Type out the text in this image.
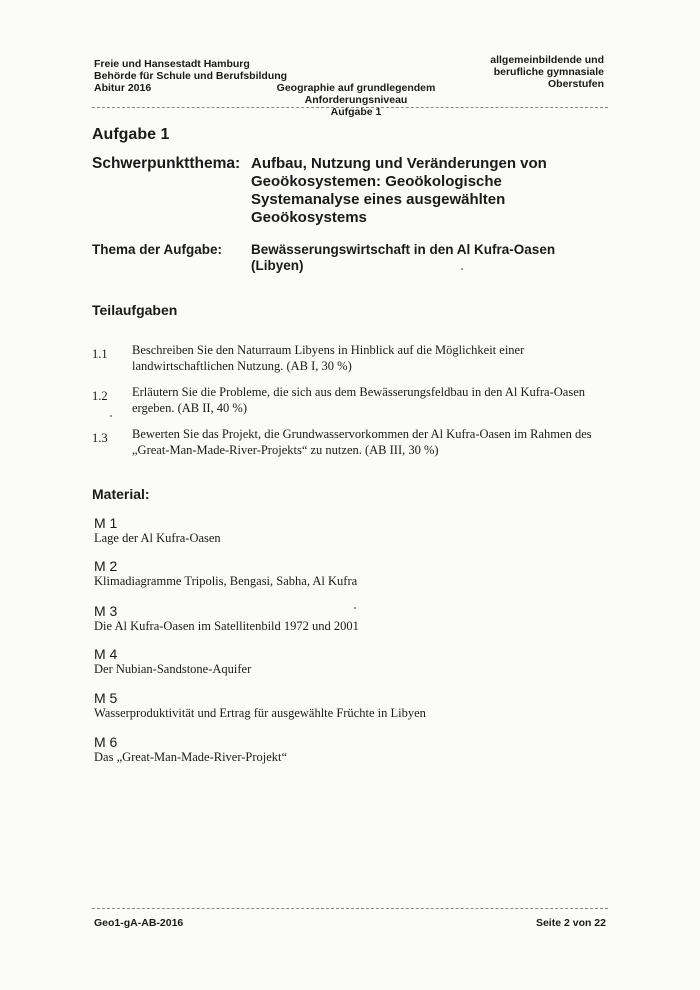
Freie und Hansestadt Hamburg
Behörde für Schule und Berufsbildung
Abitur 2016
allgemeinbildende und
berufliche gymnasiale
Oberstufen
Geographie auf grundlegendem Anforderungsniveau
Aufgabe 1
Aufgabe 1
Schwerpunktthema: Aufbau, Nutzung und Veränderungen von Geoökosystemen: Geoökologische Systemanalyse eines ausgewählten Geoökosystems
Thema der Aufgabe: Bewässerungswirtschaft in den Al Kufra-Oasen (Libyen)
Teilaufgaben
1.1	Beschreiben Sie den Naturraum Libyens in Hinblick auf die Möglichkeit einer landwirtschaftlichen Nutzung. (AB I, 30 %)
1.2	Erläutern Sie die Probleme, die sich aus dem Bewässerungsfeldbau in den Al Kufra-Oasen ergeben. (AB II, 40 %)
1.3	Bewerten Sie das Projekt, die Grundwasservorkommen der Al Kufra-Oasen im Rahmen des „Great-Man-Made-River-Projekts“ zu nutzen. (AB III, 30 %)
Material:
M 1
Lage der Al Kufra-Oasen
M 2
Klimadiagramme Tripolis, Bengasi, Sabha, Al Kufra
M 3
Die Al Kufra-Oasen im Satellitenbild 1972 und 2001
M 4
Der Nubian-Sandstone-Aquifer
M 5
Wasserproduktivität und Ertrag für ausgewählte Früchte in Libyen
M 6
Das „Great-Man-Made-River-Projekt“
Geo1-gA-AB-2016	Seite 2 von 22
